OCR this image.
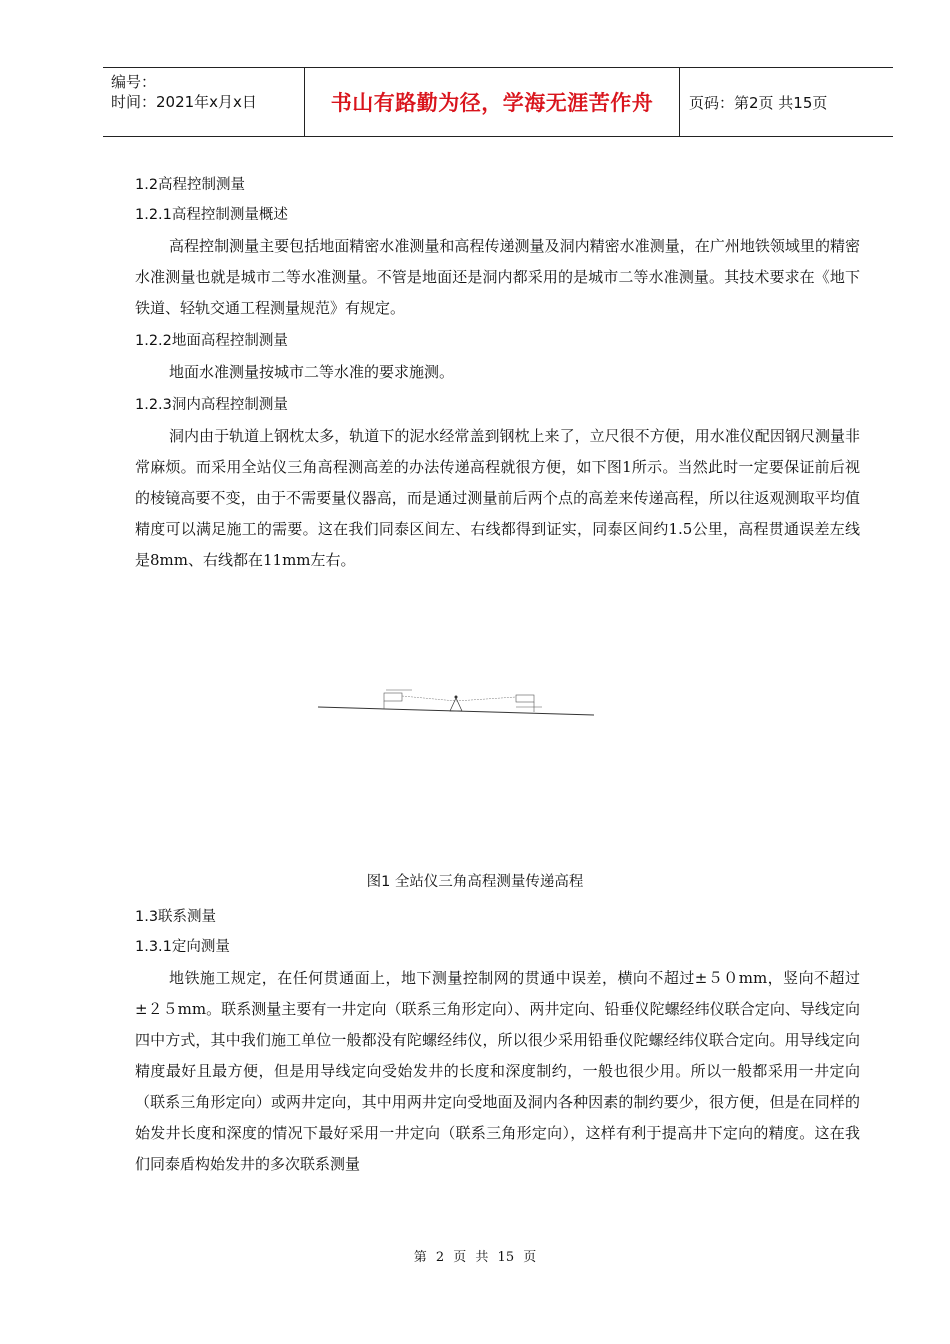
编号：
时间：2021年x月x日	书山有路勤为径，学海无涯苦作舟	页码：第2页 共15页
1.2高程控制测量
1.2.1高程控制测量概述
高程控制测量主要包括地面精密水准测量和高程传递测量及洞内精密水准测量，在广州地铁领域里的精密水准测量也就是城市二等水准测量。不管是地面还是洞内都采用的是城市二等水准测量。其技术要求在《地下铁道、轻轨交通工程测量规范》有规定。
1.2.2地面高程控制测量
地面水准测量按城市二等水准的要求施测。
1.2.3洞内高程控制测量
洞内由于轨道上钢枕太多，轨道下的泥水经常盖到钢枕上来了，立尺很不方便，用水准仪配因钢尺测量非常麻烦。而采用全站仪三角高程测高差的办法传递高程就很方便，如下图1所示。当然此时一定要保证前后视的棱镜高要不变，由于不需要量仪器高，而是通过测量前后两个点的高差来传递高程，所以往返观测取平均值精度可以满足施工的需要。这在我们同泰区间左、右线都得到证实，同泰区间约1.5公里，高程贯通误差左线是8mm、右线都在11mm左右。
图1 全站仪三角高程测量传递高程
1.3联系测量
1.3.1定向测量
地铁施工规定，在任何贯通面上，地下测量控制网的贯通中误差，横向不超过±５０mm，竖向不超过±２５mm。联系测量主要有一井定向（联系三角形定向）、两井定向、铅垂仪陀螺经纬仪联合定向、导线定向四中方式，其中我们施工单位一般都没有陀螺经纬仪，所以很少采用铅垂仪陀螺经纬仪联合定向。用导线定向精度最好且最方便，但是用导线定向受始发井的长度和深度制约，一般也很少用。所以一般都采用一井定向（联系三角形定向）或两井定向，其中用两井定向受地面及洞内各种因素的制约要少，很方便，但是在同样的始发井长度和深度的情况下最好采用一井定向（联系三角形定向），这样有利于提高井下定向的精度。这在我们同泰盾构始发井的多次联系测量
第 2 页 共 15 页
